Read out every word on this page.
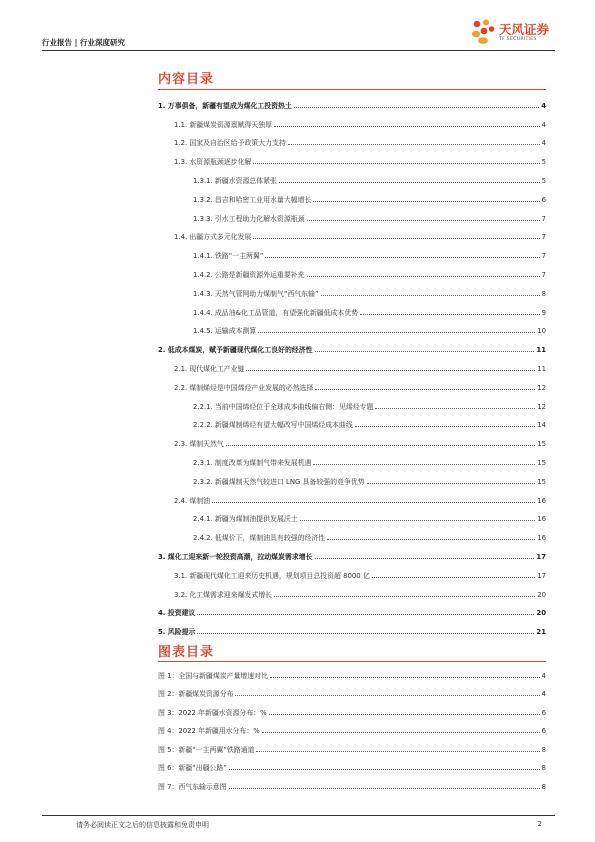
行业报告 | 行业深度研究
天风证券
TF SECURITIES
内容目录
1. 万事俱备，新疆有望成为煤化工投资热土	4
1.1. 新疆煤炭资源禀赋得天独厚	4
1.2. 国家及自治区给予政策大力支持	4
1.3. 水资源瓶颈逐步化解	5
1.3.1. 新疆水资源总体紧张	5
1.3.2. 昌吉和哈密工业用水量大幅增长	6
1.3.3. 引水工程助力化解水资源瓶颈	7
1.4. 出疆方式多元化发展	7
1.4.1. 铁路“一主两翼”	7
1.4.2. 公路是新疆资源外运重要补充	7
1.4.3. 天然气管网助力煤制气“西气东输”	8
1.4.4. 成品油&化工品管道，有望强化新疆低成本优势	9
1.4.5. 运输成本测算	10
2. 低成本煤炭，赋予新疆现代煤化工良好的经济性	11
2.1. 现代煤化工产业链	11
2.2. 煤制烯烃是中国烯烃产业发展的必然选择	12
2.2.1. 当前中国烯烃位于全球成本曲线偏右侧：见烯烃专题	12
2.2.2. 新疆煤制烯烃有望大幅改写中国烯烃成本曲线	14
2.3. 煤制天然气	15
2.3.1. 制度改革为煤制气带来发展机遇	15
2.3.2. 新疆煤制天然气较进口 LNG 具备较强的竞争优势	15
2.4. 煤制油	16
2.4.1. 新疆为煤制油提供发展沃土	16
2.4.2. 低煤价下，煤制油具有较强的经济性	16
3. 煤化工迎来新一轮投资高潮，拉动煤炭需求增长	17
3.1. 新疆现代煤化工迎来历史机遇，规划项目总投资超 8000 亿	17
3.2. 化工煤需求迎来爆发式增长	20
4. 投资建议	20
5. 风险提示	21
图表目录
图 1：全国与新疆煤炭产量增速对比	4
图 2：新疆煤炭资源分布	4
图 3：2022 年新疆水资源分布：%	6
图 4：2022 年新疆用水分布：%	6
图 5：新疆“一主两翼”铁路通道	8
图 6：新疆“出疆公路”	8
图 7：西气东输示意图	8
请务必阅读正文之后的信息披露和免责申明	2
